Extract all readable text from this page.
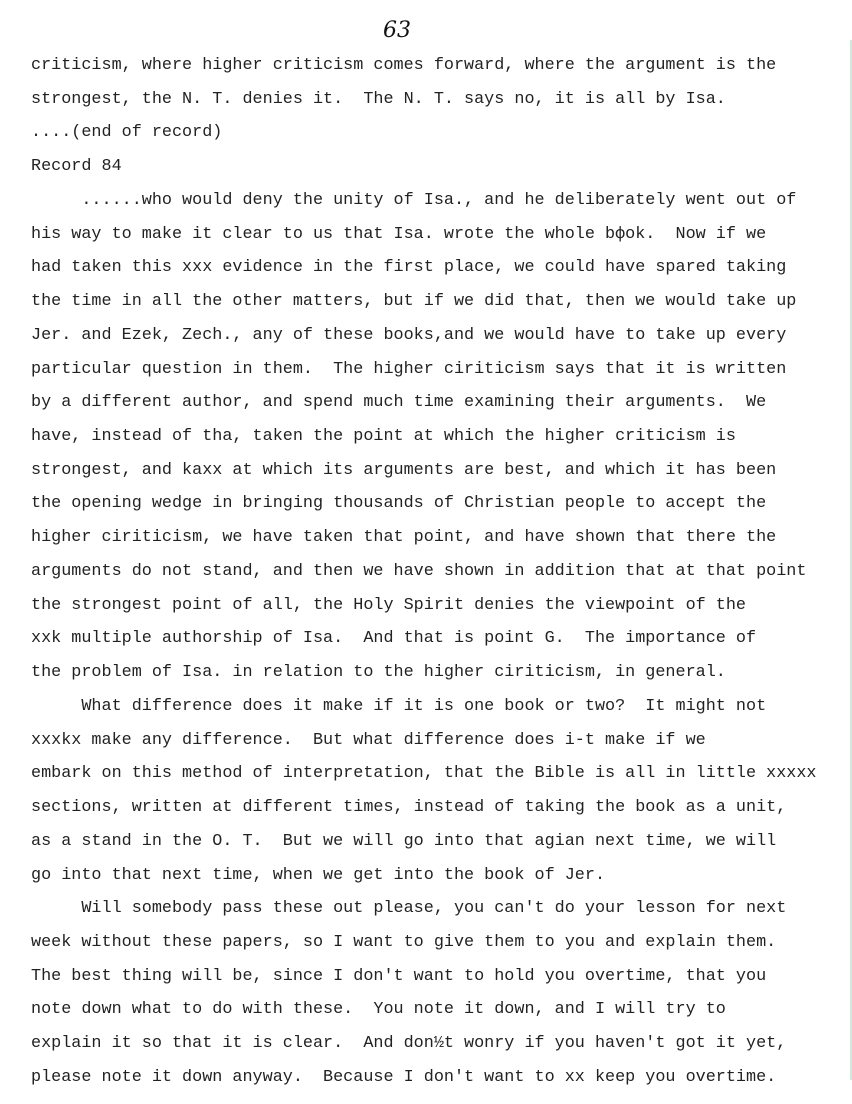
63
criticism, where higher criticism comes forward, where the argument is the
strongest, the N. T. denies it.  The N. T. says no, it is all by Isa.
....(end of record)
Record 84
......who would deny the unity of Isa., and he deliberately went out of
his way to make it clear to us that Isa. wrote the whole bфok.  Now if we
had taken this xxx evidence in the first place, we could have spared taking
the time in all the other matters, but if we did that, then we would take up
Jer. and Ezek, Zech., any of these books,and we would have to take up every
particular question in them.  The higher ciriticism says that it is written
by a different author, and spend much time examining their arguments.  We
have, instead of tha, taken the point at which the higher criticism is
strongest, and kaxx at which its arguments are best, and which it has been
the opening wedge in bringing thousands of Christian people to accept the
higher ciriticism, we have taken that point, and have shown that there the
arguments do not stand, and then we have shown in addition that at that point
the strongest point of all, the Holy Spirit denies the viewpoint of the
xxk multiple authorship of Isa.  And that is point G.  The importance of
the problem of Isa. in relation to the higher ciriticism, in general.
What difference does it make if it is one book or two?  It might not
xxxkx make any difference.  But what difference does i-t make if we
embark on this method of interpretation, that the Bible is all in little xxxxx
sections, written at different times, instead of taking the book as a unit,
as a stand in the O. T.  But we will go into that agian next time, we will
go into that next time, when we get into the book of Jer.
Will somebody pass these out please, you can't do your lesson for next
week without these papers, so I want to give them to you and explain them.
The best thing will be, since I don't want to hold you overtime, that you
note down what to do with these.  You note it down, and I will try to
explain it so that it is clear.  And don½t wonry if you haven't got it yet,
please note it down anyway.  Because I don't want to xx keep you overtime.
